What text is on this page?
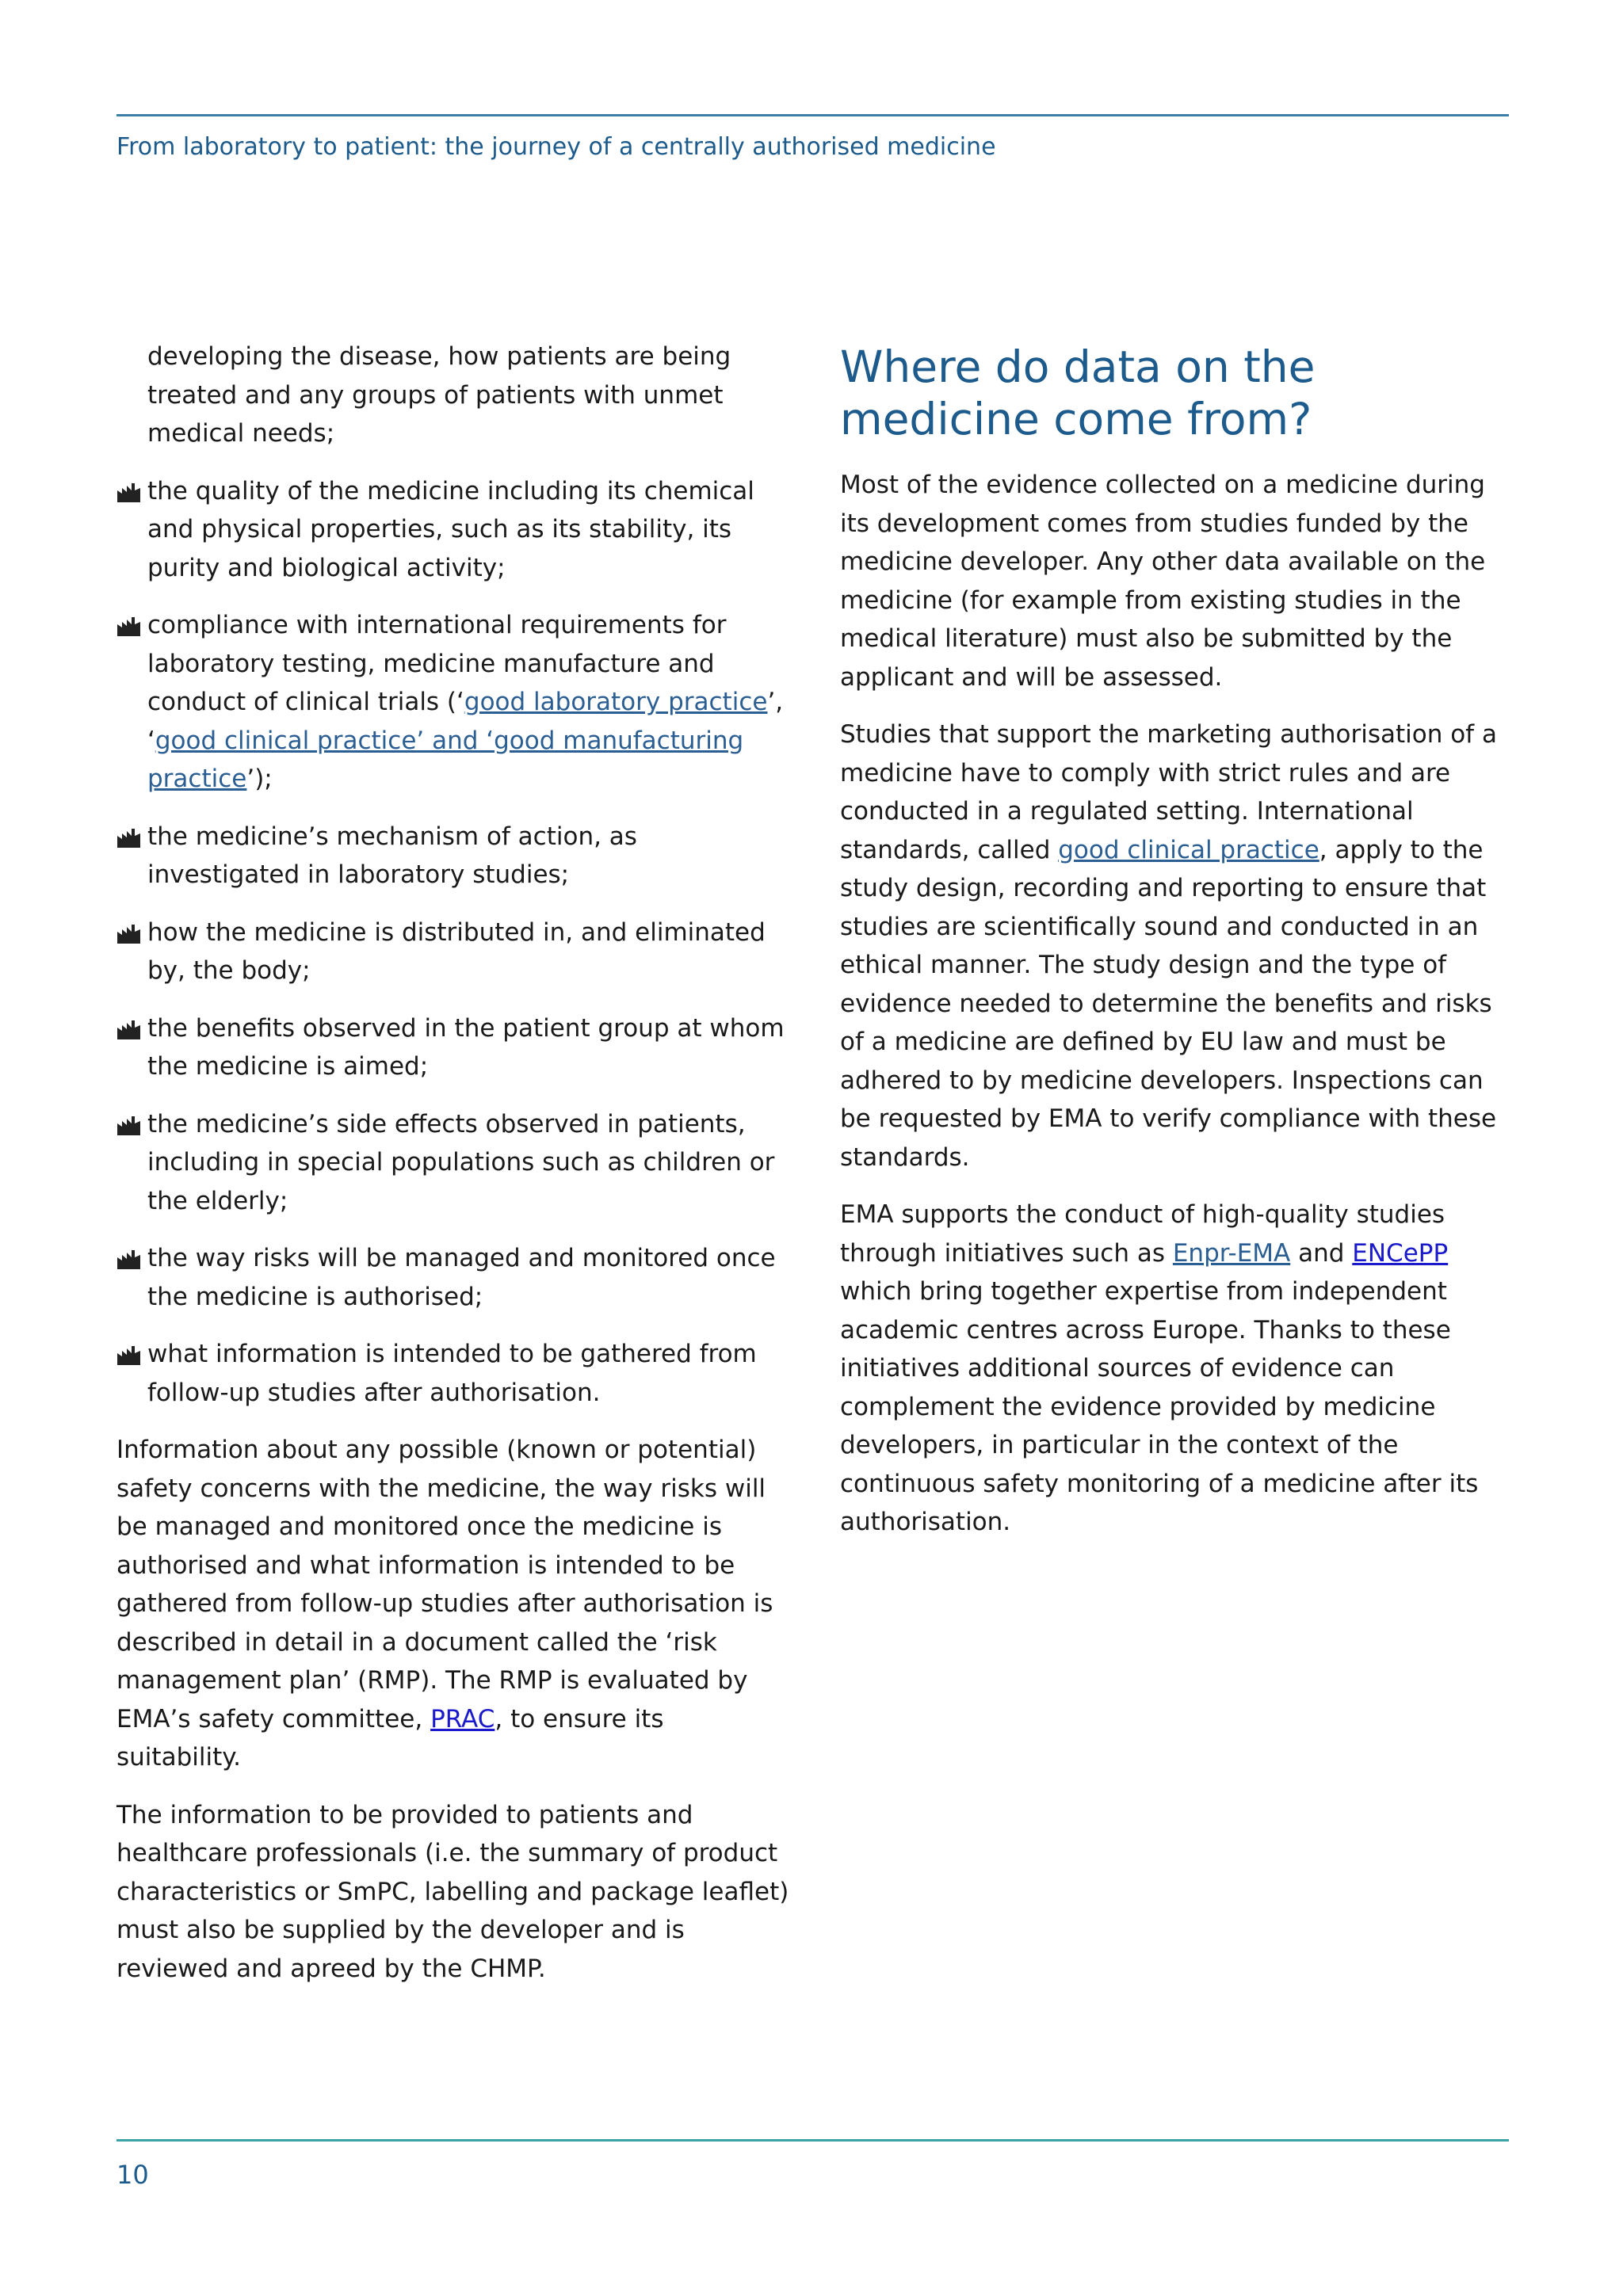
From laboratory to patient: the journey of a centrally authorised medicine
developing the disease, how patients are being treated and any groups of patients with unmet medical needs;
the quality of the medicine including its chemical and physical properties, such as its stability, its purity and biological activity;
compliance with international requirements for laboratory testing, medicine manufacture and conduct of clinical trials (‘good laboratory practice’, ‘good clinical practice’ and ‘good manufacturing practice’);
the medicine’s mechanism of action, as investigated in laboratory studies;
how the medicine is distributed in, and eliminated by, the body;
the benefits observed in the patient group at whom the medicine is aimed;
the medicine’s side effects observed in patients, including in special populations such as children or the elderly;
the way risks will be managed and monitored once the medicine is authorised;
what information is intended to be gathered from follow-up studies after authorisation.

Information about any possible (known or potential) safety concerns with the medicine, the way risks will be managed and monitored once the medicine is authorised and what information is intended to be gathered from follow-up studies after authorisation is described in detail in a document called the ‘risk management plan’ (RMP). The RMP is evaluated by EMA’s safety committee, PRAC, to ensure its suitability.

The information to be provided to patients and healthcare professionals (i.e. the summary of product characteristics or SmPC, labelling and package leaflet) must also be supplied by the developer and is reviewed and apreed by the CHMP.

Where do data on the medicine come from?

Most of the evidence collected on a medicine during its development comes from studies funded by the medicine developer. Any other data available on the medicine (for example from existing studies in the medical literature) must also be submitted by the applicant and will be assessed.

Studies that support the marketing authorisation of a medicine have to comply with strict rules and are conducted in a regulated setting. International standards, called good clinical practice, apply to the study design, recording and reporting to ensure that studies are scientifically sound and conducted in an ethical manner. The study design and the type of evidence needed to determine the benefits and risks of a medicine are defined by EU law and must be adhered to by medicine developers. Inspections can be requested by EMA to verify compliance with these standards.

EMA supports the conduct of high-quality studies through initiatives such as Enpr-EMA and ENCePP which bring together expertise from independent academic centres across Europe. Thanks to these initiatives additional sources of evidence can complement the evidence provided by medicine developers, in particular in the context of the continuous safety monitoring of a medicine after its authorisation.

10
